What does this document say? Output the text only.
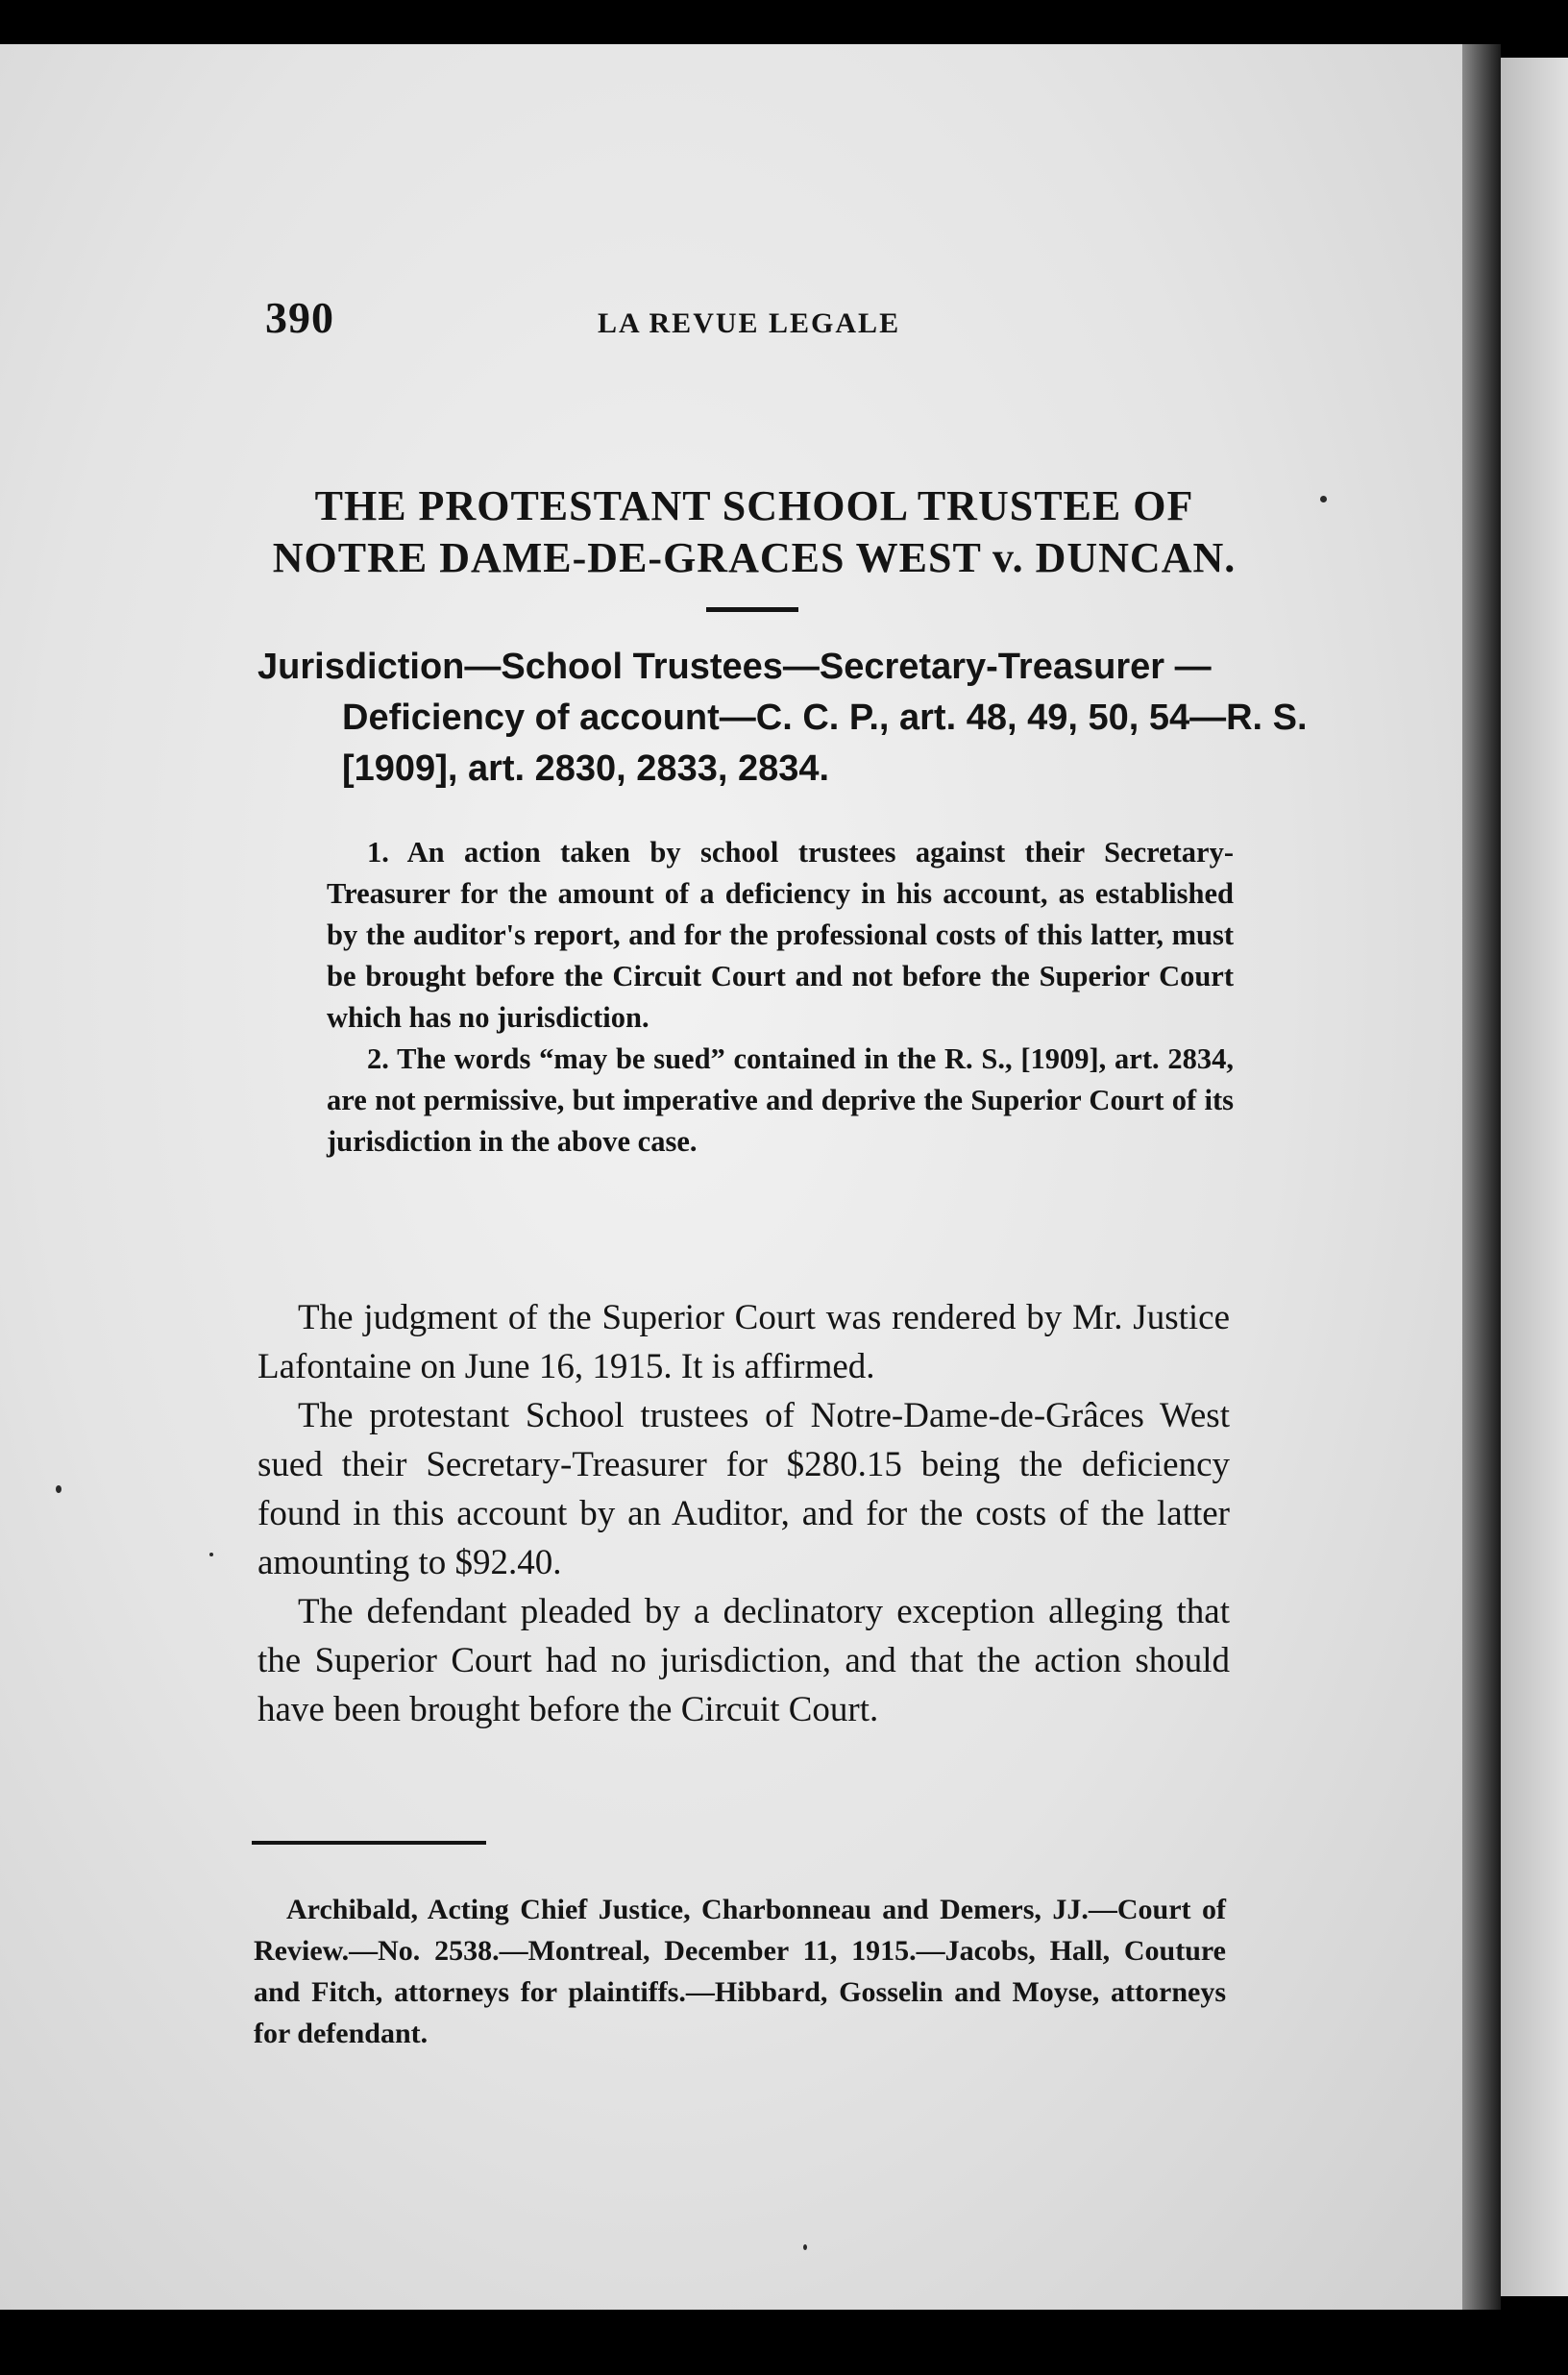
390	LA REVUE LEGALE
THE PROTESTANT SCHOOL TRUSTEE OF NOTRE DAME-DE-GRACES WEST v. DUNCAN.

Jurisdiction—School Trustees—Secretary-Treasurer —Deficiency of account—C. C. P., art. 48, 49, 50, 54—R. S. [1909], art. 2830, 2833, 2834.

1. An action taken by school trustees against their Secretary-Treasurer for the amount of a deficiency in his account, as established by the auditor's report, and for the professional costs of this latter, must be brought before the Circuit Court and not before the Superior Court which has no jurisdiction.

2. The words “may be sued” contained in the R. S., [1909], art. 2834, are not permissive, but imperative and deprive the Superior Court of its jurisdiction in the above case.

The judgment of the Superior Court was rendered by Mr. Justice Lafontaine on June 16, 1915. It is affirmed.

The protestant School trustees of Notre-Dame-de-Grâces West sued their Secretary-Treasurer for $280.15 being the deficiency found in this account by an Auditor, and for the costs of the latter amounting to $92.40.

The defendant pleaded by a declinatory exception alleging that the Superior Court had no jurisdiction, and that the action should have been brought before the Circuit Court.

Archibald, Acting Chief Justice, Charbonneau and Demers, JJ.—Court of Review.—No. 2538.—Montreal, December 11, 1915.—Jacobs, Hall, Couture and Fitch, attorneys for plaintiffs.—Hibbard, Gosselin and Moyse, attorneys for defendant.
